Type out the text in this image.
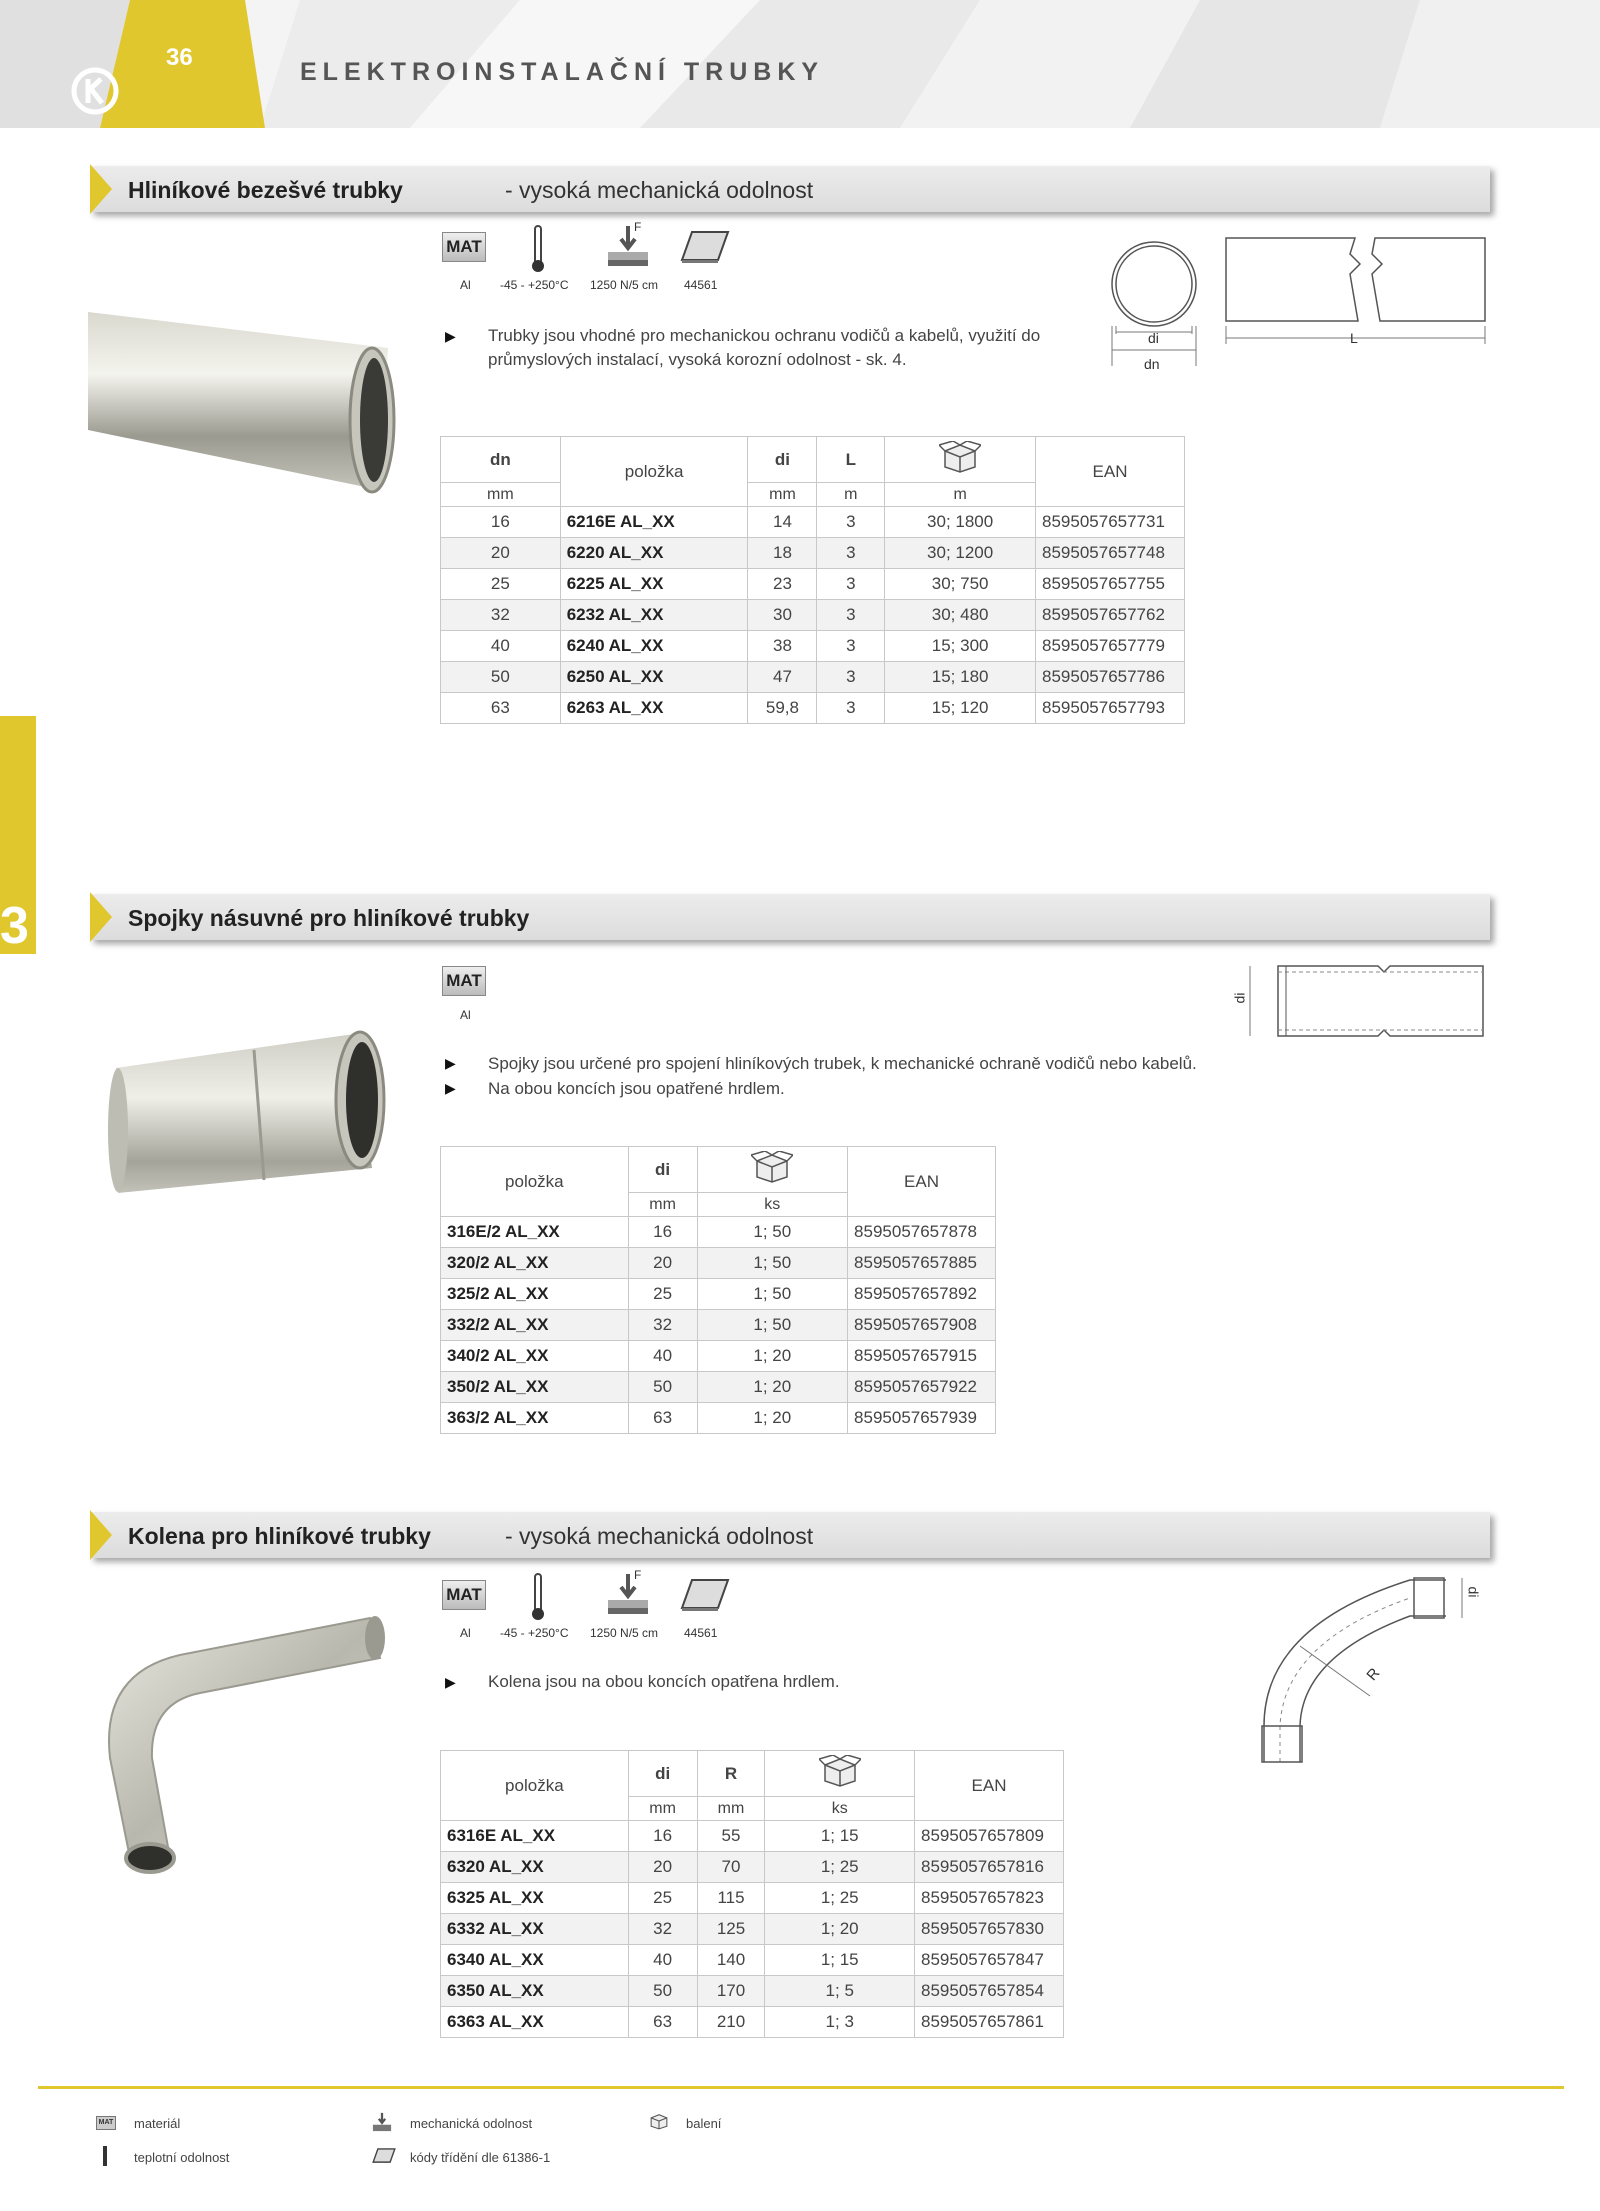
36
ELEKTROINSTALAČNÍ TRUBKY
3
Hliníkové bezešvé trubky	- vysoká mechanická odolnost
MAT
F
Al -45 - +250°C 1250 N/5 cm 44561
▶ Trubky jsou vhodné pro mechanickou ochranu vodičů a kabelů, využití do průmyslových instalací, vysoká korozní odolnost - sk. 4.
di
dn
L
dn	položka	di	L		EAN
mm		mm	m	m	
16	6216E AL_XX	14	3	30; 1800	8595057657731
20	6220 AL_XX	18	3	30; 1200	8595057657748
25	6225 AL_XX	23	3	30; 750	8595057657755
32	6232 AL_XX	30	3	30; 480	8595057657762
40	6240 AL_XX	38	3	15; 300	8595057657779
50	6250 AL_XX	47	3	15; 180	8595057657786
63	6263 AL_XX	59,8	3	15; 120	8595057657793
Spojky násuvné pro hliníkové trubky
MAT
Al
▶ Spojky jsou určené pro spojení hliníkových trubek, k mechanické ochraně vodičů nebo kabelů.
▶ Na obou koncích jsou opatřené hrdlem.
di
položka	di		EAN
	mm	ks	
316E/2 AL_XX	16	1; 50	8595057657878
320/2 AL_XX	20	1; 50	8595057657885
325/2 AL_XX	25	1; 50	8595057657892
332/2 AL_XX	32	1; 50	8595057657908
340/2 AL_XX	40	1; 20	8595057657915
350/2 AL_XX	50	1; 20	8595057657922
363/2 AL_XX	63	1; 20	8595057657939
Kolena pro hliníkové trubky	- vysoká mechanická odolnost
MAT
F
Al -45 - +250°C 1250 N/5 cm 44561
▶ Kolena jsou na obou koncích opatřena hrdlem.
di
R
položka	di	R		EAN
	mm	mm	ks	
6316E AL_XX	16	55	1; 15	8595057657809
6320 AL_XX	20	70	1; 25	8595057657816
6325 AL_XX	25	115	1; 25	8595057657823
6332 AL_XX	32	125	1; 20	8595057657830
6340 AL_XX	40	140	1; 15	8595057657847
6350 AL_XX	50	170	1; 5	8595057657854
6363 AL_XX	63	210	1; 3	8595057657861
MAT materiál
teplotní odolnost
mechanická odolnost
kódy třídění dle 61386-1
balení
